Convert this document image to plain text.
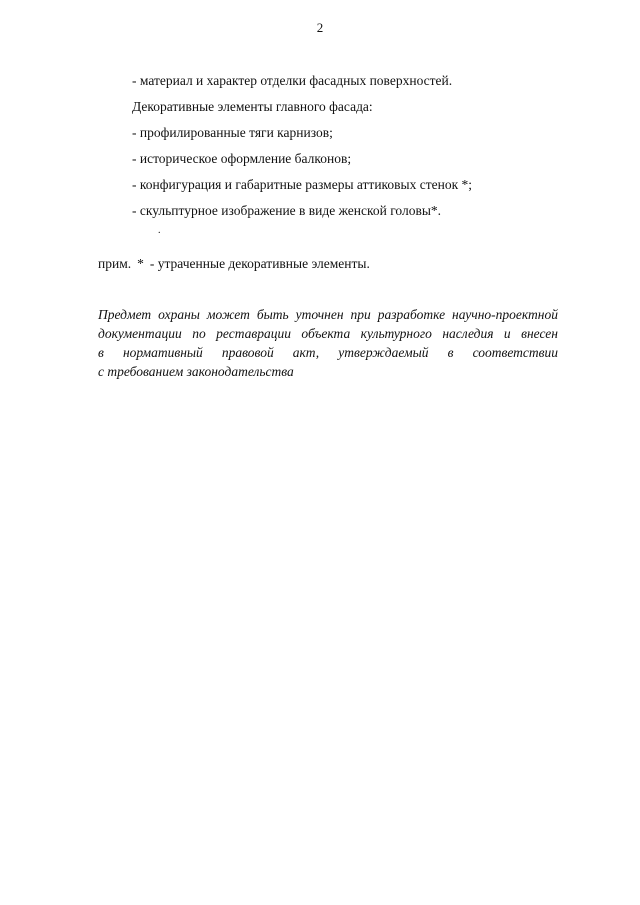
2
- материал и характер отделки фасадных поверхностей.
Декоративные элементы главного фасада:
- профилированные тяги карнизов;
- историческое оформление балконов;
- конфигурация и габаритные размеры аттиковых стенок *;
- скульптурное изображение в виде женской головы*.
.
прим. * - утраченные декоративные элементы.
Предмет охраны может быть уточнен при разработке научно-проектной
документации по реставрации объекта культурного наследия и внесен
в нормативный правовой акт, утверждаемый в соответствии
с требованием законодательства
